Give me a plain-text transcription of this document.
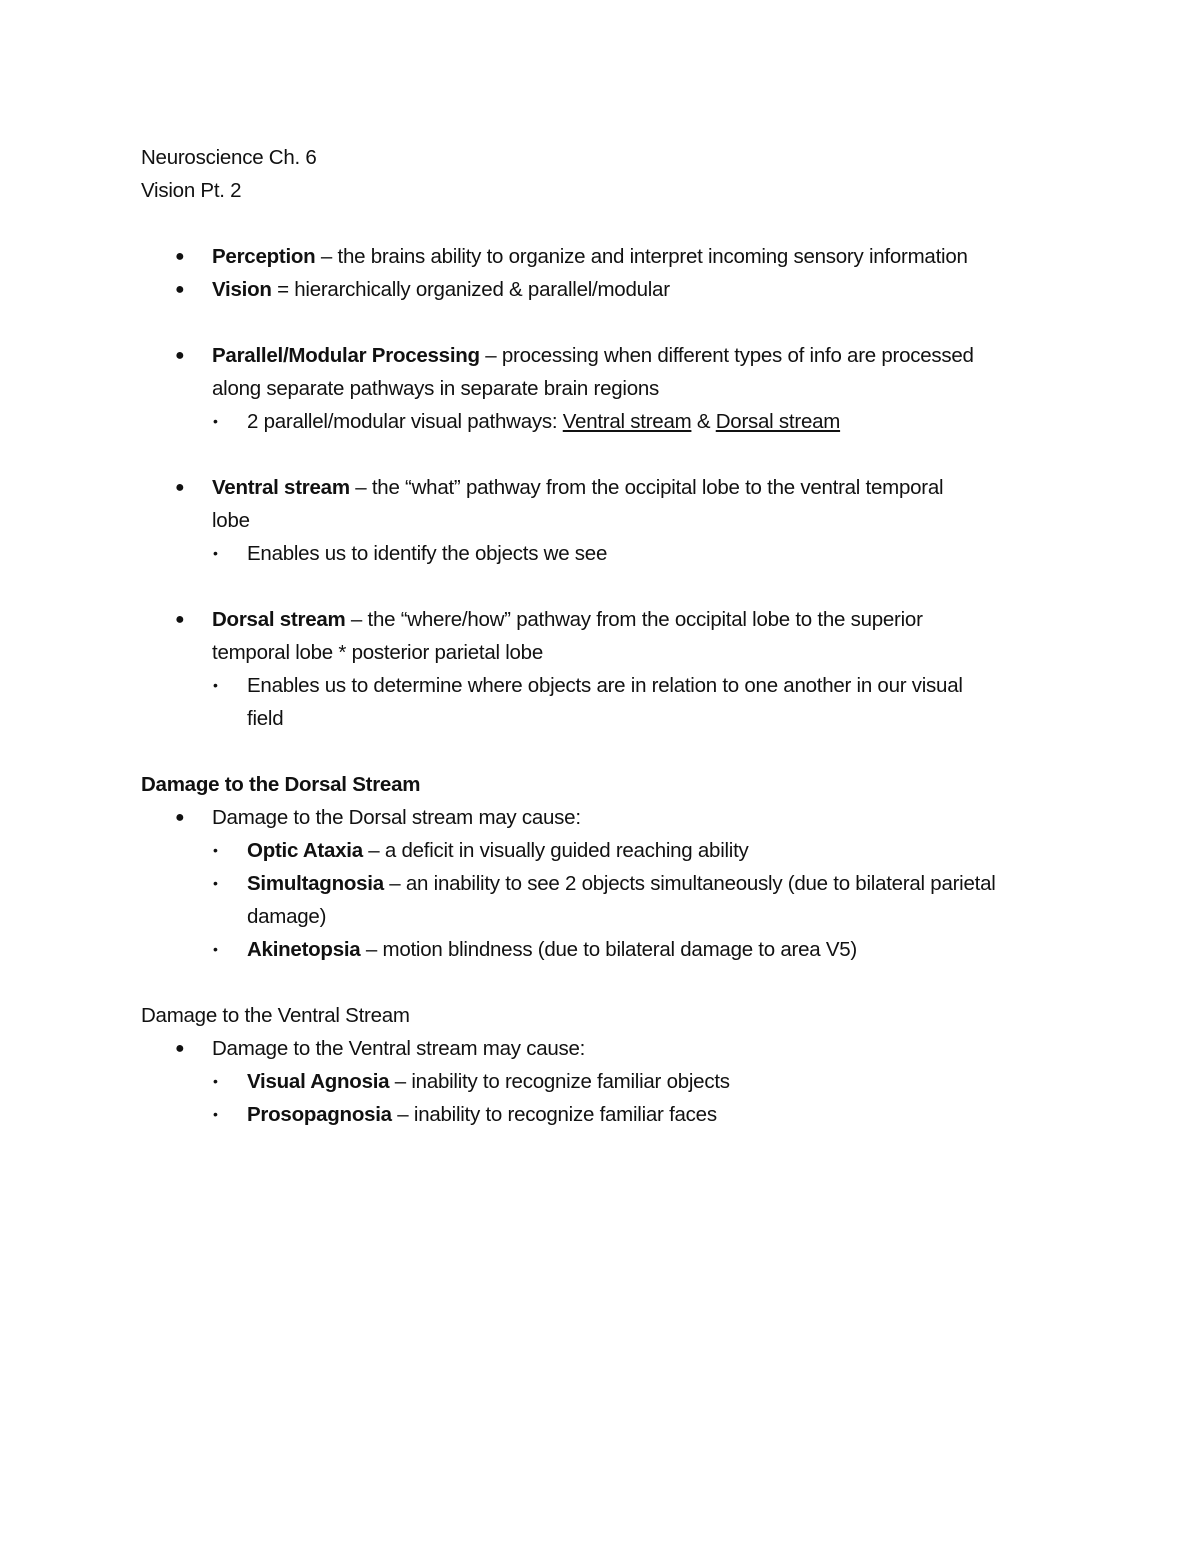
Neuroscience Ch. 6

Vision Pt. 2

●	Perception – the brains ability to organize and interpret incoming sensory information

●	Vision = hierarchically organized & parallel/modular

●	Parallel/Modular Processing – processing when different types of info are processed

along separate pathways in separate brain regions

•	2 parallel/modular visual pathways: Ventral stream & Dorsal stream

●	Ventral stream – the “what” pathway from the occipital lobe to the ventral temporal

lobe

•	Enables us to identify the objects we see

●	Dorsal stream – the “where/how” pathway from the occipital lobe to the superior

temporal lobe * posterior parietal lobe

•	Enables us to determine where objects are in relation to one another in our visual

field

Damage to the Dorsal Stream

●	Damage to the Dorsal stream may cause:

•	Optic Ataxia – a deficit in visually guided reaching ability

•	Simultagnosia – an inability to see 2 objects simultaneously (due to bilateral parietal

damage)

•	Akinetopsia – motion blindness (due to bilateral damage to area V5)

Damage to the Ventral Stream

●	Damage to the Ventral stream may cause:

•	Visual Agnosia – inability to recognize familiar objects

•	Prosopagnosia – inability to recognize familiar faces
